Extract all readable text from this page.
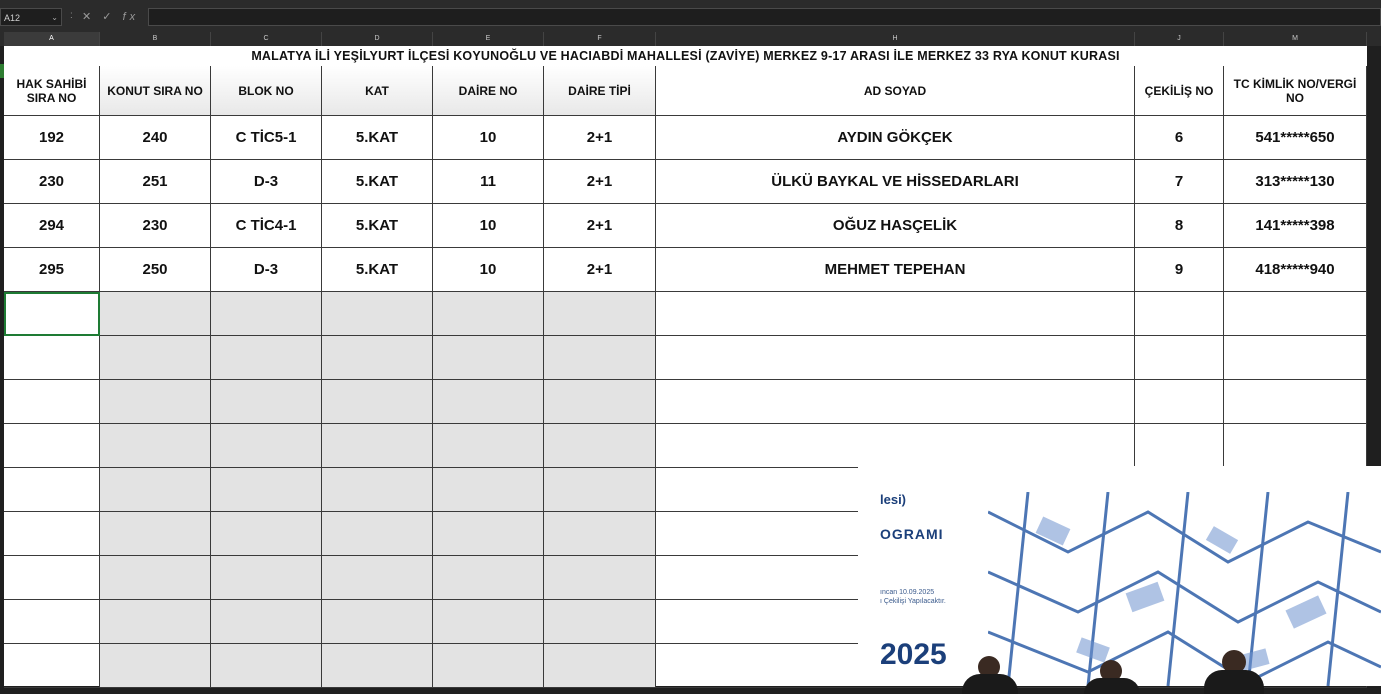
A12	⌄ : ✕ ✓ fx
A	B	C	D	E	F	H	J	M
MALATYA İLİ YEŞİLYURT İLÇESİ KOYUNOĞLU VE HACIABDİ MAHALLESİ (ZAVİYE) MERKEZ 9-17 ARASI İLE MERKEZ 33 RYA KONUT KURASI
HAK SAHİBİ SIRA NO	KONUT SIRA NO	BLOK NO	KAT	DAİRE NO	DAİRE TİPİ	AD SOYAD	ÇEKİLİŞ NO	TC KİMLİK NO/VERGİ NO
192	240	C TİC5-1	5.KAT	10	2+1	AYDIN GÖKÇEK	6	541*****650
230	251	D-3	5.KAT	11	2+1	ÜLKÜ BAYKAL VE HİSSEDARLARI	7	313*****130
294	230	C TİC4-1	5.KAT	10	2+1	OĞUZ HASÇELİK	8	141*****398
295	250	D-3	5.KAT	10	2+1	MEHMET TEPEHAN	9	418*****940
lesi)
OGRAMI
ıncan 10.09.2025
ı Çekilişi Yapılacaktır.
2025
